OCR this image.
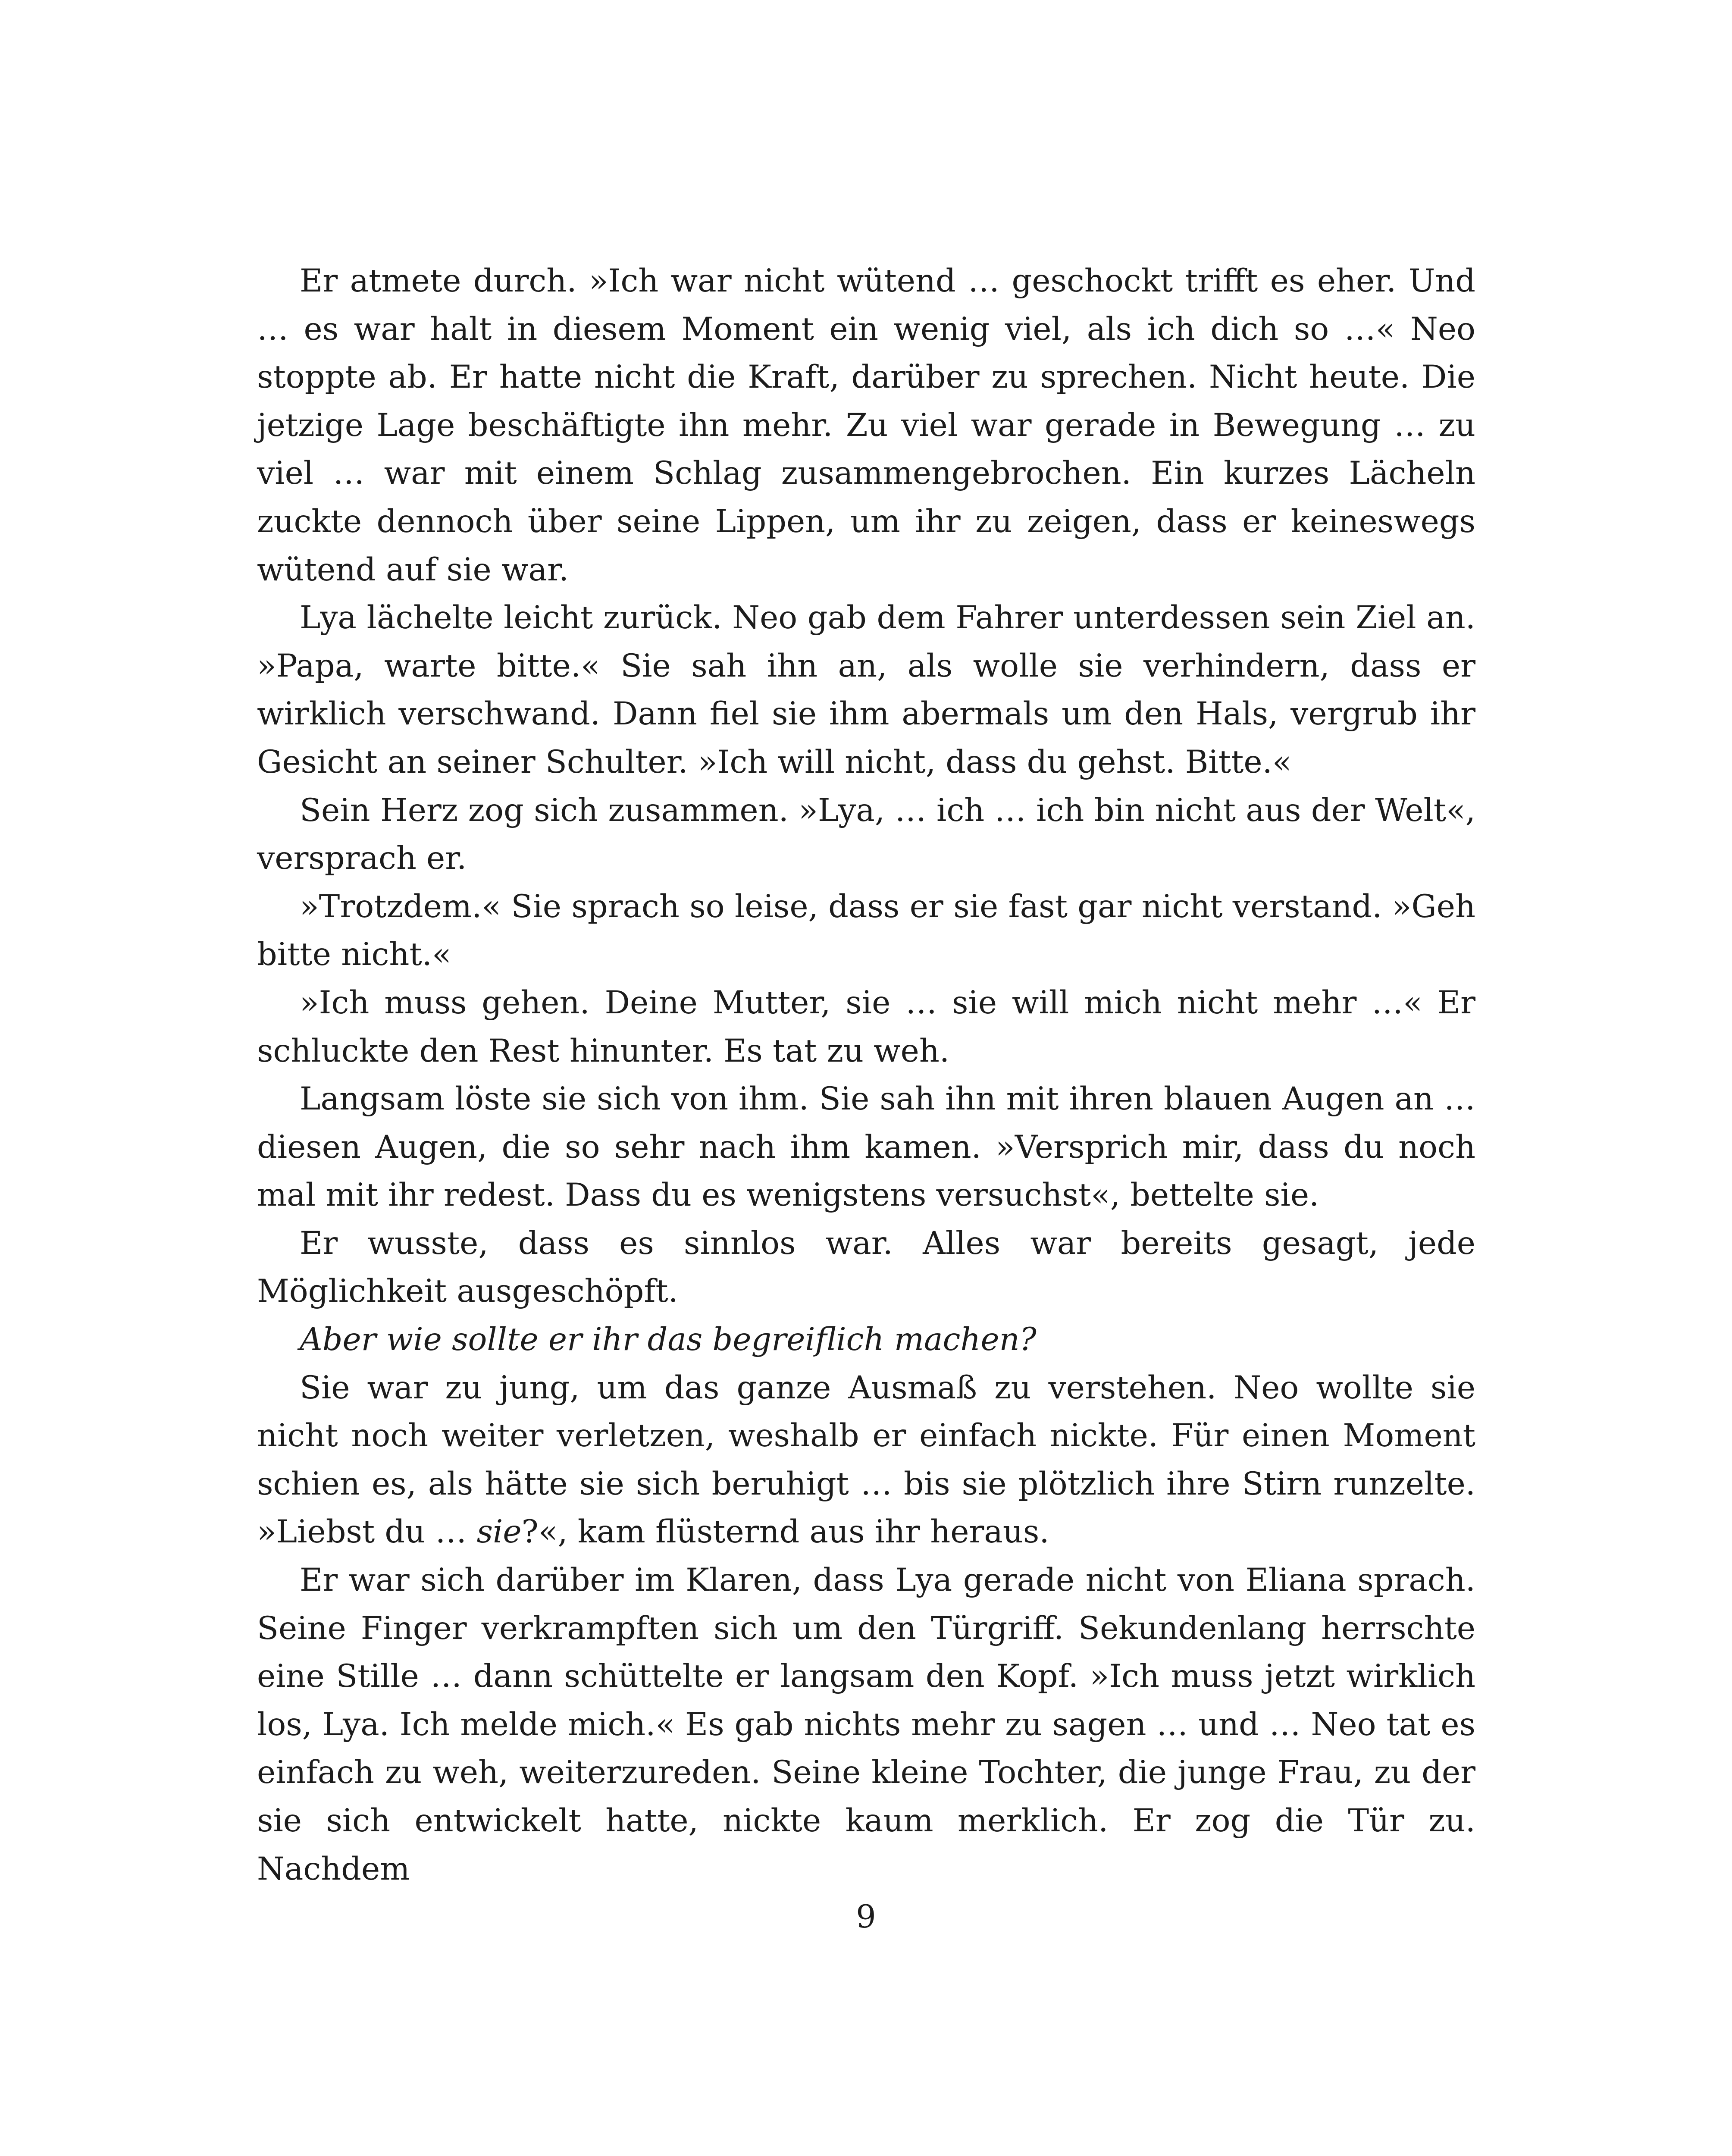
Er atmete durch. »Ich war nicht wütend … geschockt trifft es eher. Und … es war halt in diesem Moment ein wenig viel, als ich dich so …« Neo stoppte ab. Er hatte nicht die Kraft, darüber zu sprechen. Nicht heute. Die jetzige Lage beschäftigte ihn mehr. Zu viel war gerade in Bewegung … zu viel … war mit einem Schlag zusammengebrochen. Ein kurzes Lächeln zuckte dennoch über seine Lippen, um ihr zu zeigen, dass er keineswegs wütend auf sie war.

Lya lächelte leicht zurück. Neo gab dem Fahrer unterdessen sein Ziel an. »Papa, warte bitte.« Sie sah ihn an, als wolle sie verhindern, dass er wirklich verschwand. Dann fiel sie ihm abermals um den Hals, vergrub ihr Gesicht an seiner Schulter. »Ich will nicht, dass du gehst. Bitte.«

Sein Herz zog sich zusammen. »Lya, … ich … ich bin nicht aus der Welt«, versprach er.

»Trotzdem.« Sie sprach so leise, dass er sie fast gar nicht verstand. »Geh bitte nicht.«

»Ich muss gehen. Deine Mutter, sie … sie will mich nicht mehr …« Er schluckte den Rest hinunter. Es tat zu weh.

Langsam löste sie sich von ihm. Sie sah ihn mit ihren blauen Augen an … diesen Augen, die so sehr nach ihm kamen. »Versprich mir, dass du noch mal mit ihr redest. Dass du es wenigstens versuchst«, bettelte sie.

Er wusste, dass es sinnlos war. Alles war bereits gesagt, jede Möglichkeit ausgeschöpft.

Aber wie sollte er ihr das begreiflich machen?

Sie war zu jung, um das ganze Ausmaß zu verstehen. Neo wollte sie nicht noch weiter verletzen, weshalb er einfach nickte. Für einen Moment schien es, als hätte sie sich beruhigt … bis sie plötzlich ihre Stirn runzelte. »Liebst du … sie?«, kam flüsternd aus ihr heraus.

Er war sich darüber im Klaren, dass Lya gerade nicht von Eliana sprach. Seine Finger verkrampften sich um den Türgriff. Sekundenlang herrschte eine Stille … dann schüttelte er langsam den Kopf. »Ich muss jetzt wirklich los, Lya. Ich melde mich.« Es gab nichts mehr zu sagen … und … Neo tat es einfach zu weh, weiterzureden. Seine kleine Tochter, die junge Frau, zu der sie sich entwickelt hatte, nickte kaum merklich. Er zog die Tür zu. Nachdem

9
